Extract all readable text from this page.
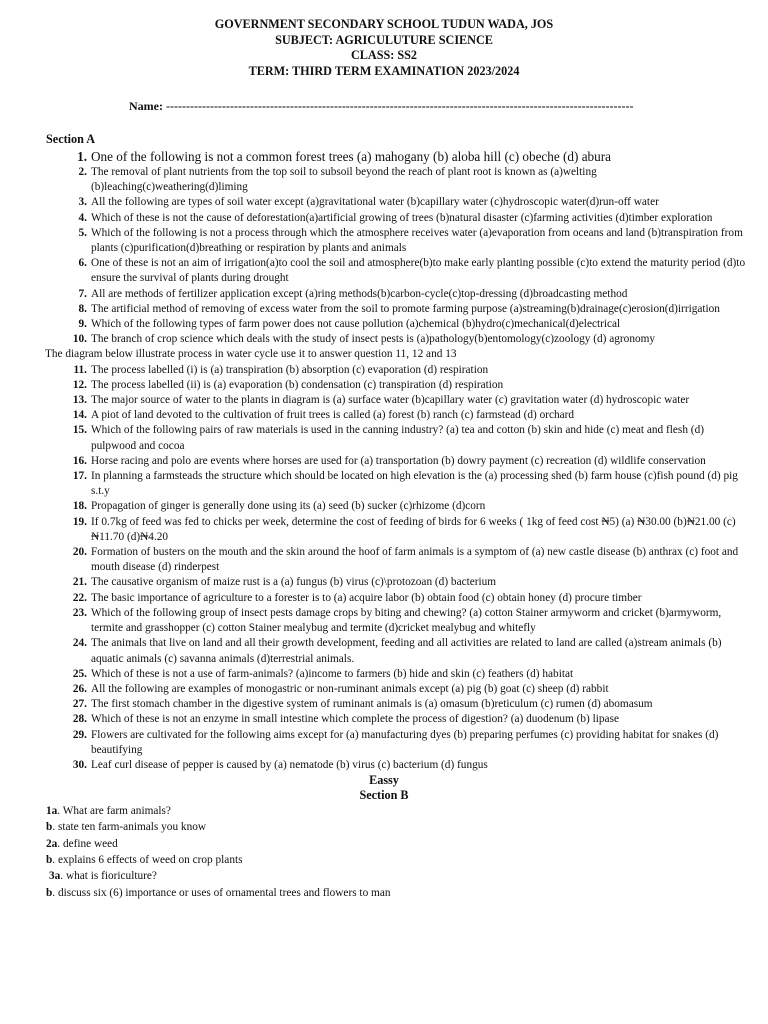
GOVERNMENT SECONDARY SCHOOL TUDUN WADA, JOS
SUBJECT: AGRICULUTURE SCIENCE
CLASS: SS2
TERM: THIRD TERM EXAMINATION 2023/2024
Name: ---------------------------------------------------------------------------------------------------------------------
Section A
1. One of the following is not a common forest trees (a) mahogany (b) aloba hill (c) obeche (d) abura
2. The removal of plant nutrients from the top soil to subsoil beyond the reach of plant root is known as (a)welting (b)leaching(c)weathering(d)liming
3. All the following are types of soil water except (a)gravitational water (b)capillary water (c)hydroscopic water(d)run-off water
4. Which of these is not the cause of deforestation(a)artificial growing of trees (b)natural disaster (c)farming activities (d)timber exploration
5. Which of the following is not a process through which the atmosphere receives water (a)evaporation from oceans and land (b)transpiration from plants (c)purification(d)breathing or respiration by plants and animals
6. One of these is not an aim of irrigation(a)to cool the soil and atmosphere(b)to make early planting possible (c)to extend the maturity period (d)to ensure the survival of plants during drought
7. All are methods of fertilizer application except (a)ring methods(b)carbon-cycle(c)top-dressing (d)broadcasting method
8. The artificial method of removing of excess water from the soil to promote farming purpose (a)streaming(b)drainage(c)erosion(d)irrigation
9. Which of the following types of farm power does not cause pollution (a)chemical (b)hydro(c)mechanical(d)electrical
10. The branch of crop science which deals with the study of insect pests is (a)pathology(b)entomology(c)zoology (d) agronomy
The diagram below illustrate process in water cycle use it to answer question 11, 12 and 13
11. The process labelled (i) is (a) transpiration (b) absorption (c) evaporation (d) respiration
12. The process labelled (ii) is (a) evaporation (b) condensation (c) transpiration (d) respiration
13. The major source of water to the plants in diagram is (a) surface water (b)capillary water (c) gravitation water (d) hydroscopic water
14. A piot of land devoted to the cultivation of fruit trees is called (a) forest (b) ranch (c) farmstead (d) orchard
15. Which of the following pairs of raw materials is used in the canning industry? (a) tea and cotton (b) skin and hide (c) meat and flesh (d) pulpwood and cocoa
16. Horse racing and polo are events where horses are used for (a) transportation (b) dowry payment (c) recreation (d) wildlife conservation
17. In planning a farmsteads the structure which should be located on high elevation is the (a) processing shed (b) farm house (c)fish pound (d) pig s.t.y
18. Propagation of ginger is generally done using its (a) seed (b) sucker (c)rhizome (d)corn
19. If 0.7kg of feed was fed to chicks per week, determine the cost of feeding of birds for 6 weeks ( 1kg of feed cost ₦5) (a) ₦30.00 (b)₦21.00 (c)₦11.70 (d)₦4.20
20. Formation of busters on the mouth and the skin around the hoof of farm animals is a symptom of (a) new castle disease (b) anthrax (c) foot and mouth disease (d) rinderpest
21. The causative organism of maize rust is a (a) fungus (b) virus (c)\protozoan (d) bacterium
22. The basic importance of agriculture to a forester is to (a) acquire labor (b) obtain food (c) obtain honey (d) procure timber
23. Which of the following group of insect pests damage crops by biting and chewing? (a) cotton Stainer armyworm and cricket (b)armyworm, termite and grasshopper (c) cotton Stainer mealybug and termite (d)cricket mealybug and whitefly
24. The animals that live on land and all their growth development, feeding and all activities are related to land are called (a)stream animals (b) aquatic animals (c) savanna animals (d)terrestrial animals.
25. Which of these is not a use of farm-animals? (a)income to farmers (b) hide and skin (c) feathers (d) habitat
26. All the following are examples of monogastric or non-ruminant animals except (a) pig (b) goat (c) sheep (d) rabbit
27. The first stomach chamber in the digestive system of ruminant animals is (a) omasum (b)reticulum (c) rumen (d) abomasum
28. Which of these is not an enzyme in small intestine which complete the process of digestion? (a) duodenum (b) lipase
29. Flowers are cultivated for the following aims except for (a) manufacturing dyes (b) preparing perfumes (c) providing habitat for snakes (d) beautifying
30. Leaf curl disease of pepper is caused by (a) nematode (b) virus (c) bacterium (d) fungus
Eassy
Section B
1a. What are farm animals?
b. state ten farm-animals you know
2a. define weed
b. explains 6 effects of weed on crop plants
3a. what is fioriculture?
b. discuss six (6) importance or uses of ornamental trees and flowers to man
